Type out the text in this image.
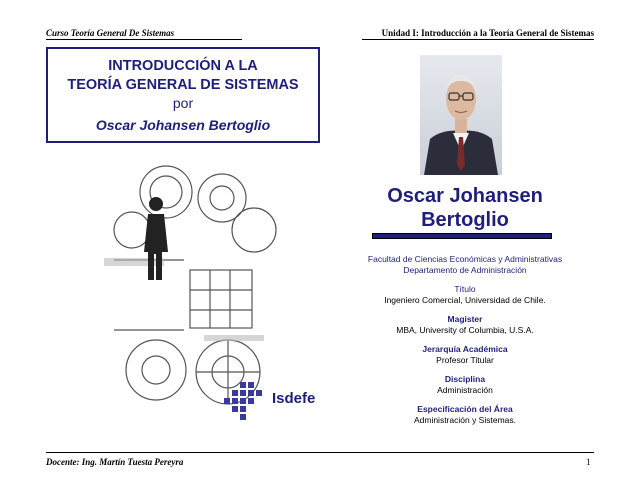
Curso Teoría General De Sistemas	Unidad I: Introducción a la Teoría General de Sistemas
INTRODUCCIÓN A LA
TEORÍA GENERAL DE SISTEMAS
por
Oscar Johansen Bertoglio
Isdefe
Oscar Johansen
Bertoglio
Facultad de Ciencias Económicas y Administrativas
Departamento de Administración
Título
Ingeniero Comercial, Universidad de Chile.
Magister
MBA, University of Columbia, U.S.A.
Jerarquía Académica
Profesor Titular
Disciplina
Administración
Especificación del Área
Administración y Sistemas.
Docente: Ing. Martín Tuesta Pereyra	1
